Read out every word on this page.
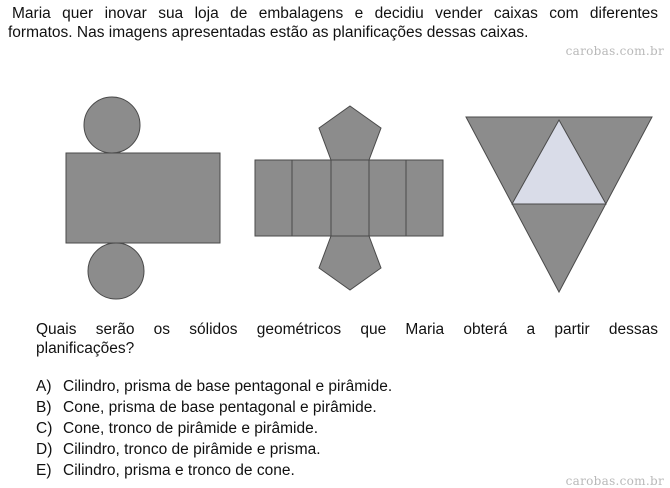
Maria quer inovar sua loja de embalagens e decidiu vender caixas com diferentes
formatos. Nas imagens apresentadas estão as planificações dessas caixas.
carobas.com.br
Quais serão os sólidos geométricos que Maria obterá a partir dessas
planificações?
A) Cilindro, prisma de base pentagonal e pirâmide.
B) Cone, prisma de base pentagonal e pirâmide.
C) Cone, tronco de pirâmide e pirâmide.
D) Cilindro, tronco de pirâmide e prisma.
E) Cilindro, prisma e tronco de cone.
carobas.com.br
